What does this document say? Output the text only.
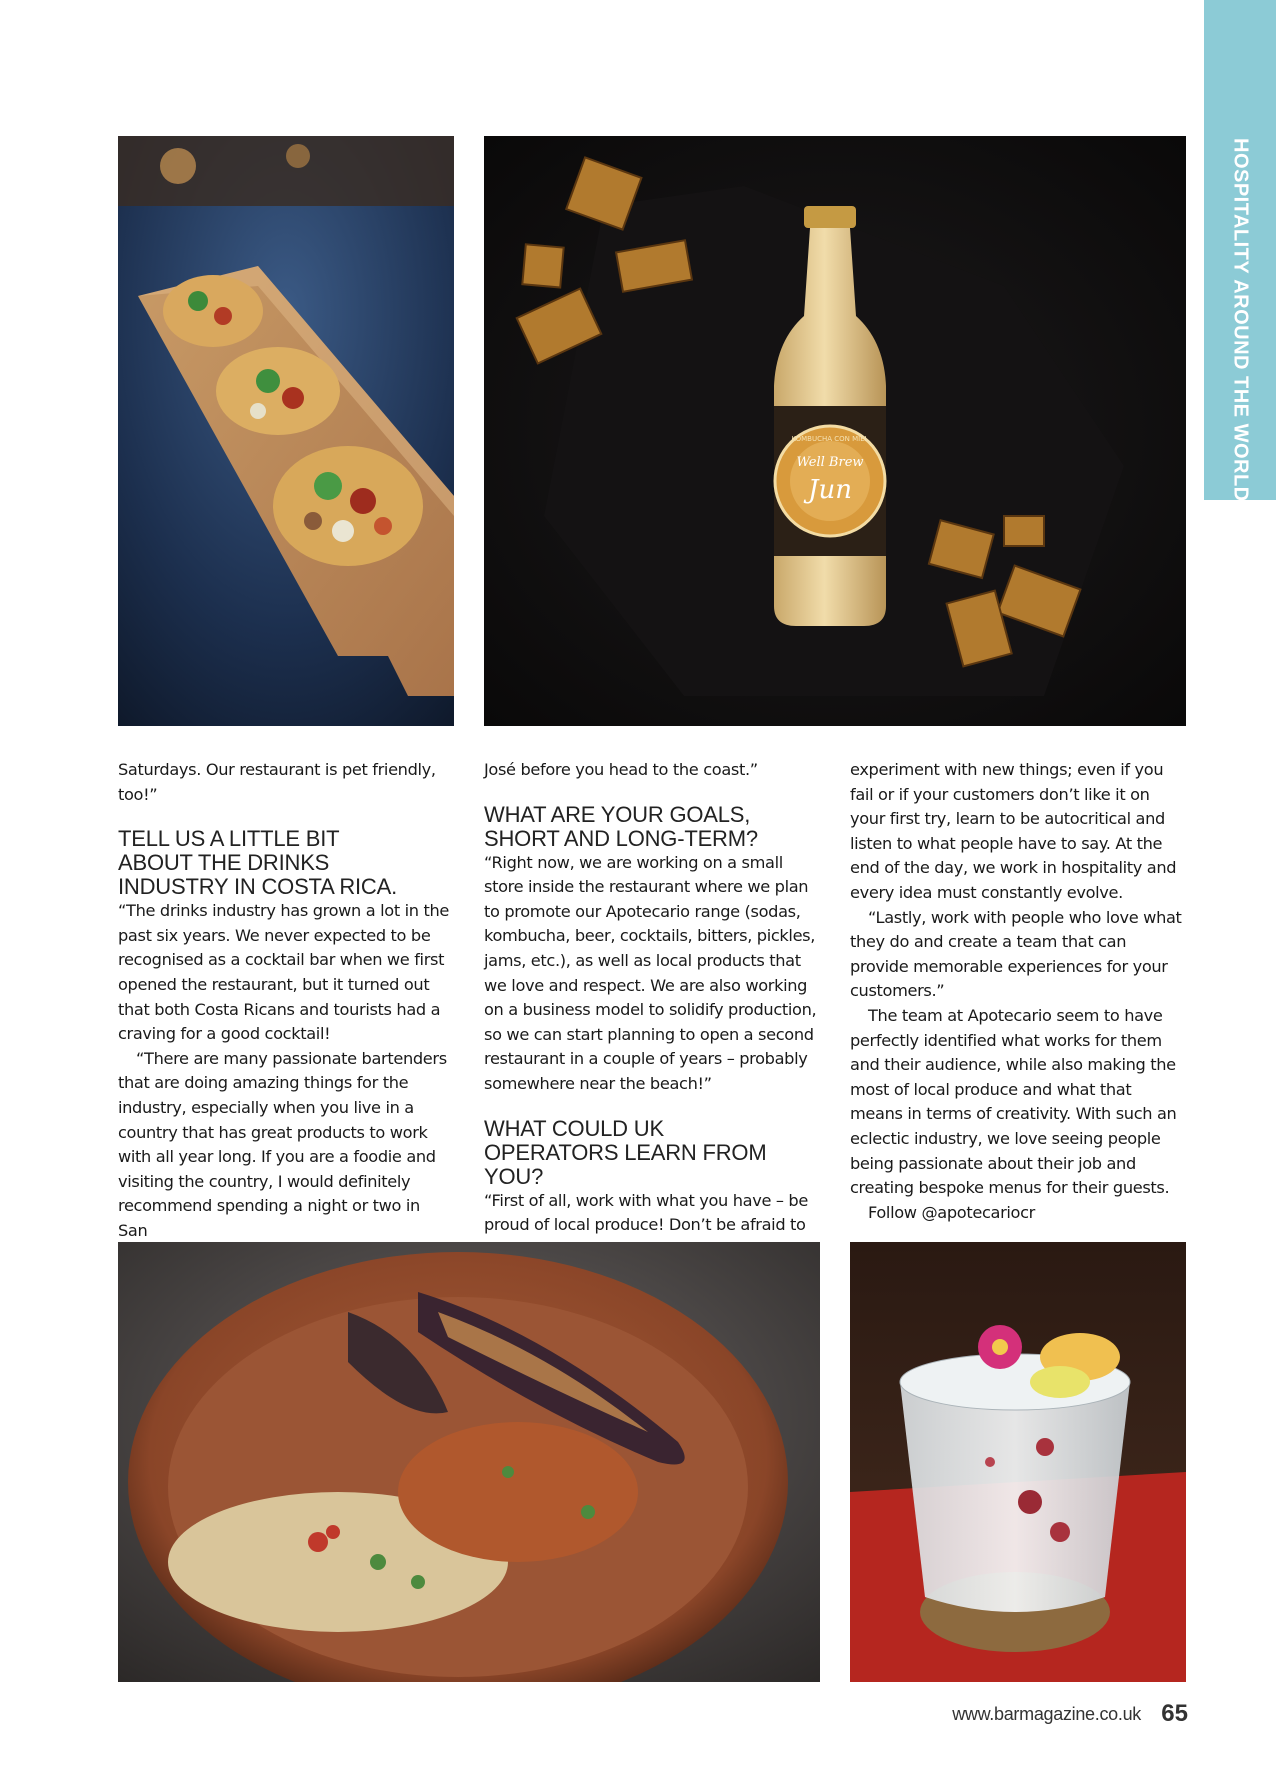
HOSPITALITY AROUND THE WORLD
KOMBUCHA CON MIEL
Well Brew
Jun

Saturdays. Our restaurant is pet friendly, too!”

TELL US A LITTLE BIT ABOUT THE DRINKS INDUSTRY IN COSTA RICA.

“The drinks industry has grown a lot in the past six years. We never expected to be recognised as a cocktail bar when we first opened the restaurant, but it turned out that both Costa Ricans and tourists had a craving for a good cocktail!

“There are many passionate bartenders that are doing amazing things for the industry, especially when you live in a country that has great products to work with all year long. If you are a foodie and visiting the country, I would definitely recommend spending a night or two in San

José before you head to the coast.”

WHAT ARE YOUR GOALS, SHORT AND LONG-TERM?

“Right now, we are working on a small store inside the restaurant where we plan to promote our Apotecario range (sodas, kombucha, beer, cocktails, bitters, pickles, jams, etc.), as well as local products that we love and respect. We are also working on a business model to solidify production, so we can start planning to open a second restaurant in a couple of years – probably somewhere near the beach!”

WHAT COULD UK OPERATORS LEARN FROM YOU?

“First of all, work with what you have – be proud of local produce! Don’t be afraid to

experiment with new things; even if you fail or if your customers don’t like it on your first try, learn to be autocritical and listen to what people have to say. At the end of the day, we work in hospitality and every idea must constantly evolve.

“Lastly, work with people who love what they do and create a team that can provide memorable experiences for your customers.”

The team at Apotecario seem to have perfectly identified what works for them and their audience, while also making the most of local produce and what that means in terms of creativity. With such an eclectic industry, we love seeing people being passionate about their job and creating bespoke menus for their guests.

Follow @apotecariocr

www.barmagazine.co.uk 65
